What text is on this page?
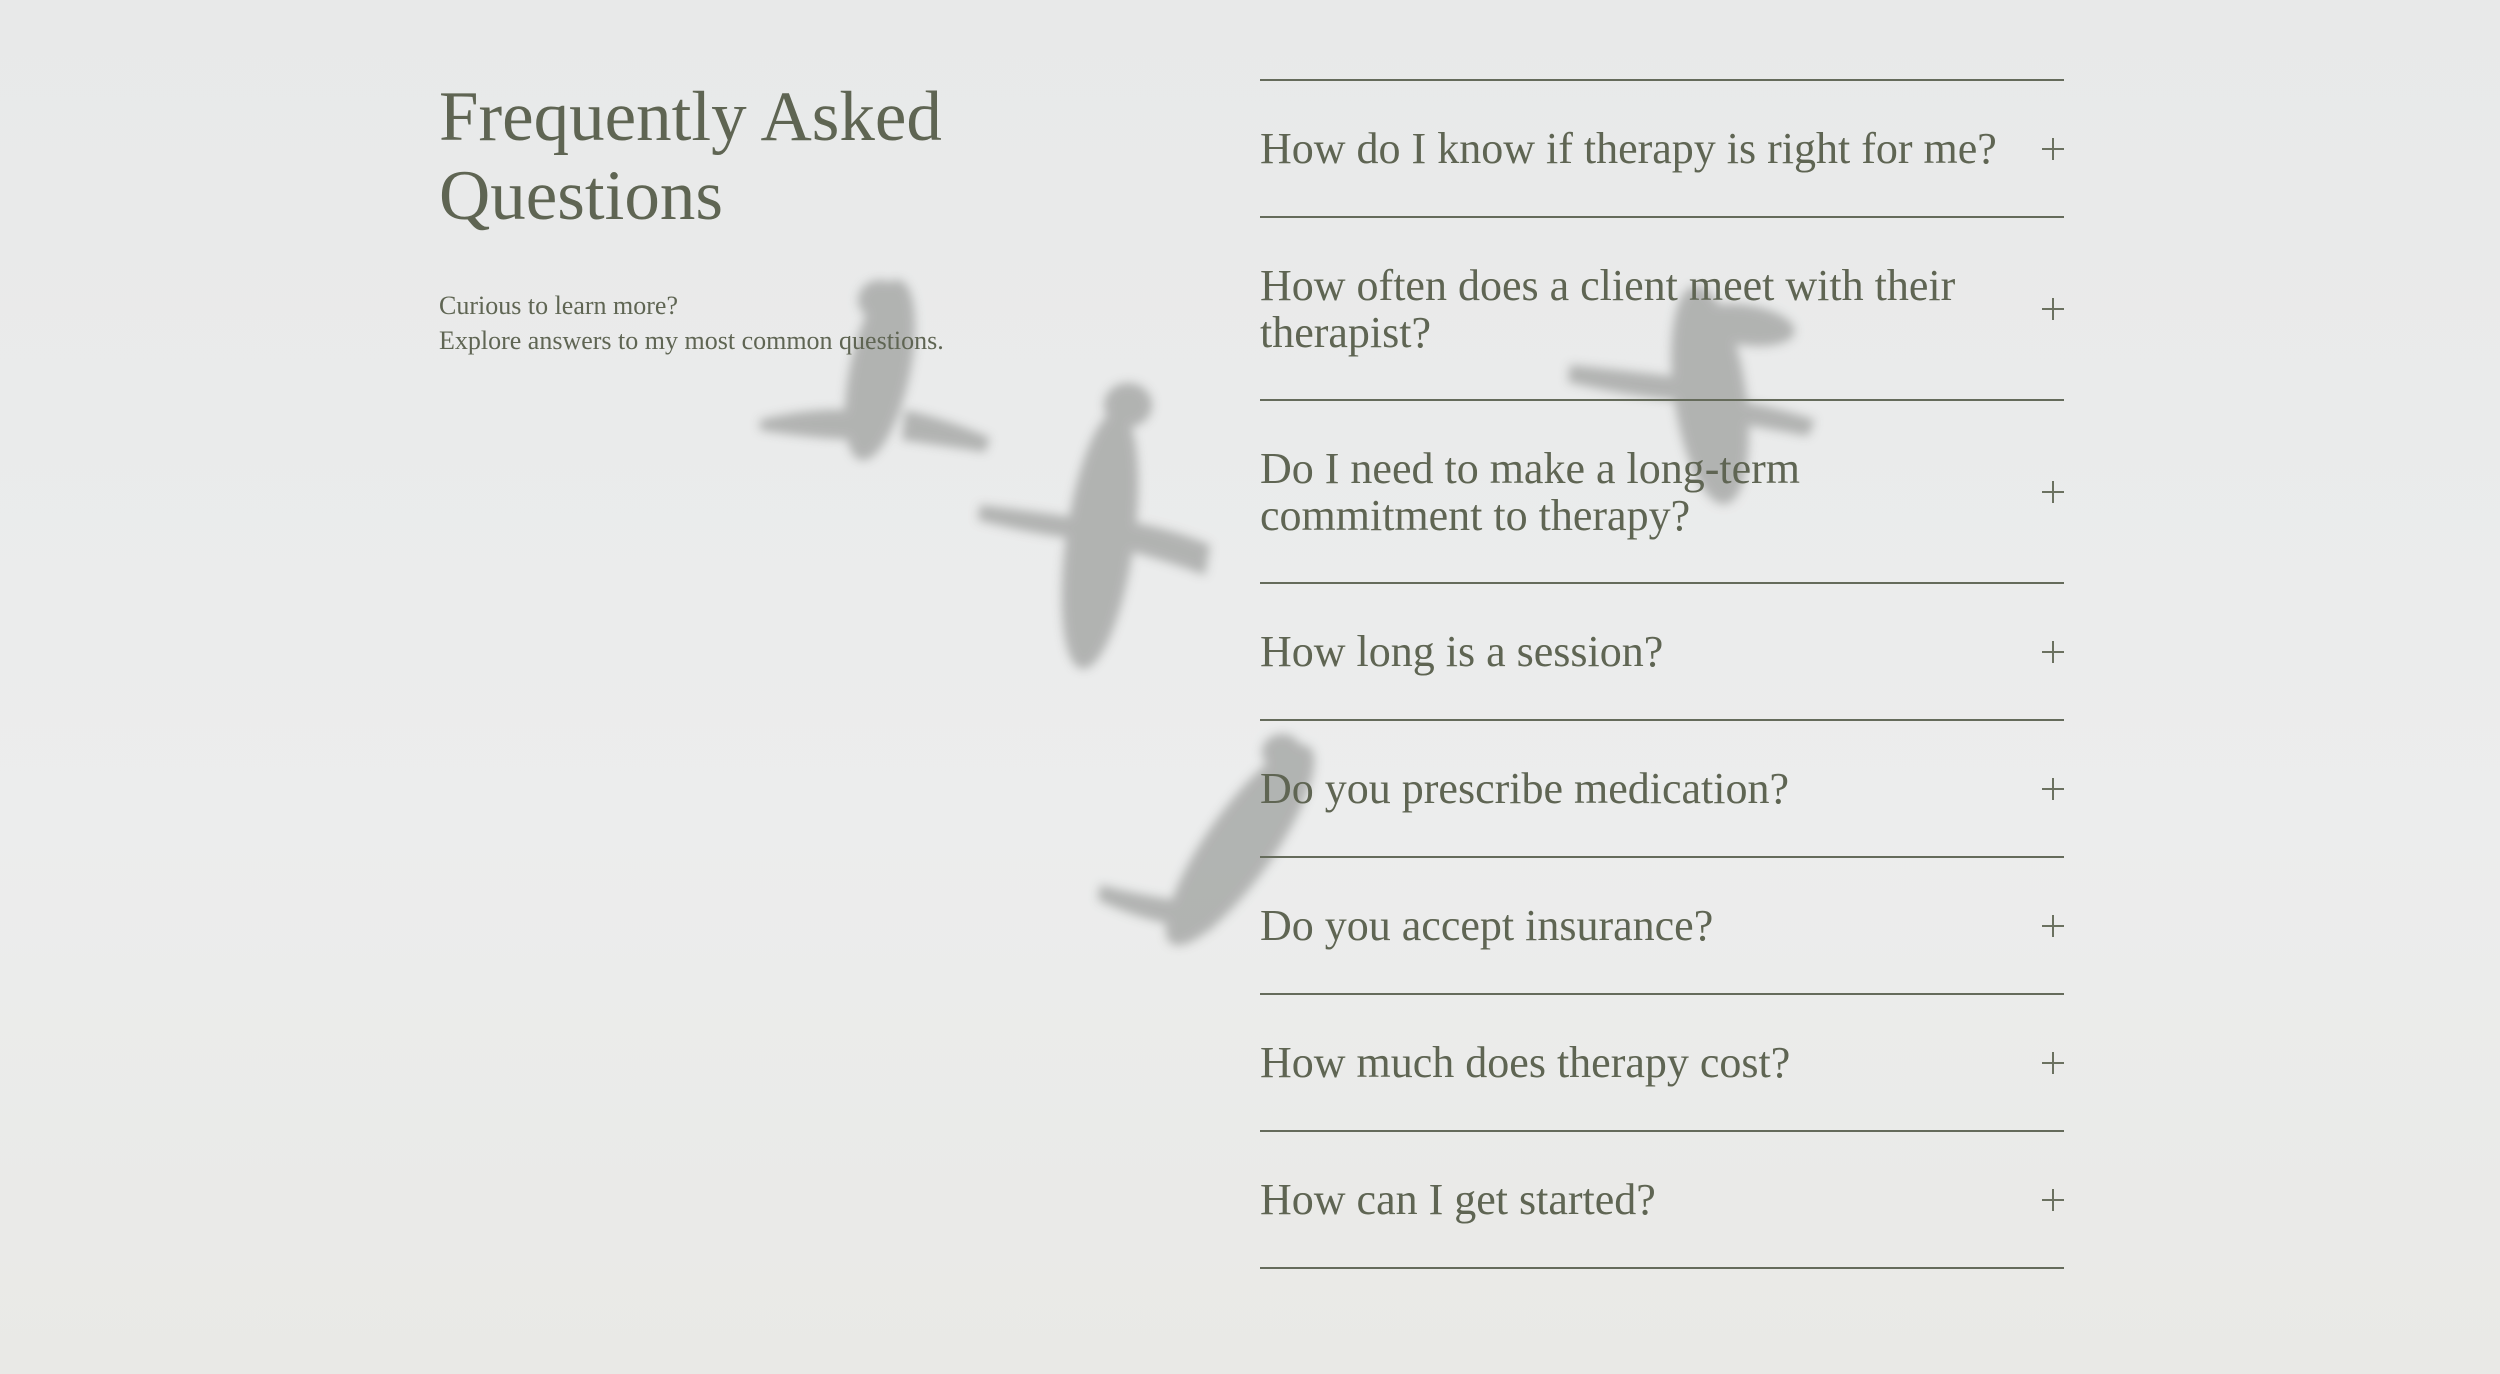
Frequently Asked
Questions
Curious to learn more?
Explore answers to my most common questions.
How do I know if therapy is right for me?
How often does a client meet with their therapist?
Do I need to make a long-term commitment to therapy?
How long is a session?
Do you prescribe medication?
Do you accept insurance?
How much does therapy cost?
How can I get started?
